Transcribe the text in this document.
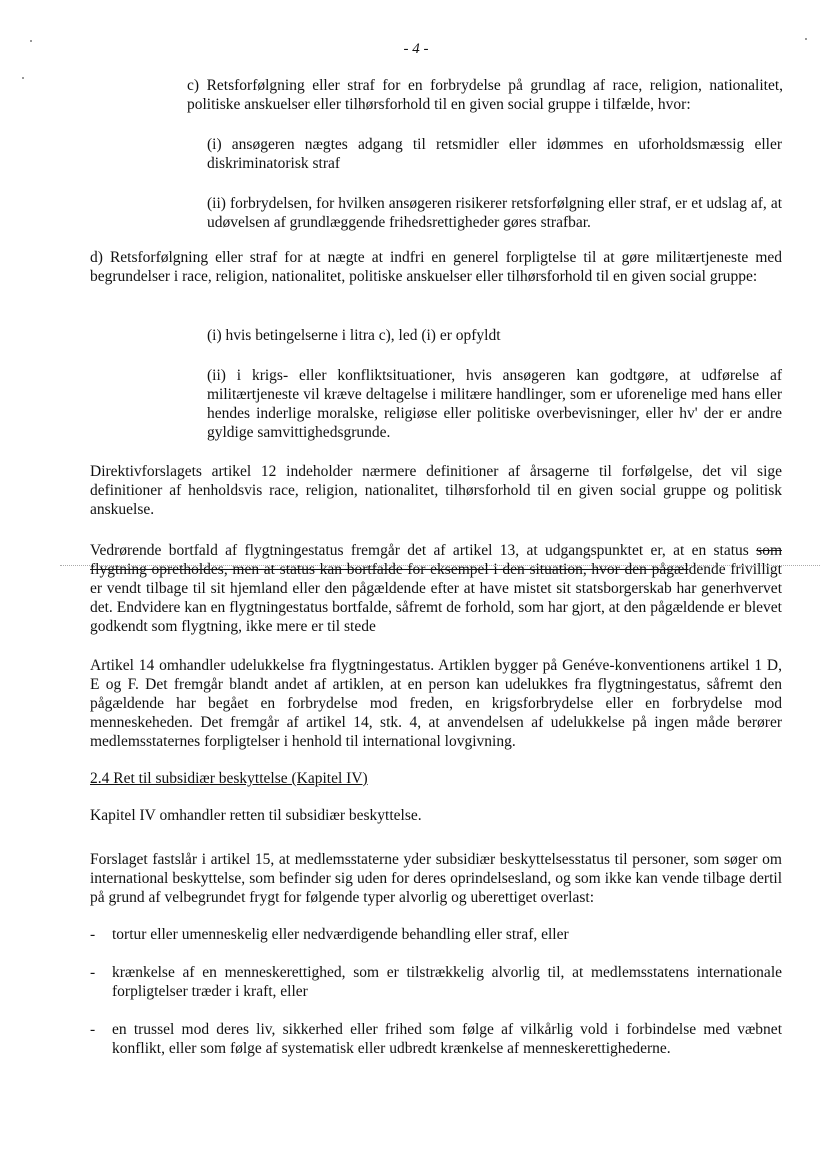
- 4 -
c) Retsforfølgning eller straf for en forbrydelse på grundlag af race, religion, nationalitet, politiske anskuelser eller tilhørsforhold til en given social gruppe i tilfælde, hvor:
(i) ansøgeren nægtes adgang til retsmidler eller idømmes en uforholdsmæssig eller diskriminatorisk straf
(ii) forbrydelsen, for hvilken ansøgeren risikerer retsforfølgning eller straf, er et udslag af, at udøvelsen af grundlæggende frihedsrettigheder gøres strafbar.
d) Retsforfølgning eller straf for at nægte at indfri en generel forpligtelse til at gøre militærtjeneste med begrundelser i race, religion, nationalitet, politiske anskuelser eller tilhørsforhold til en given social gruppe:
(i) hvis betingelserne i litra c), led (i) er opfyldt
(ii) i krigs- eller konfliktsituationer, hvis ansøgeren kan godtgøre, at udførelse af militærtjeneste vil kræve deltagelse i militære handlinger, som er uforenelige med hans eller hendes inderlige moralske, religiøse eller politiske overbevisninger, eller hv' der er andre gyldige samvittighedsgrunde.
Direktivforslagets artikel 12 indeholder nærmere definitioner af årsagerne til forfølgelse, det vil sige definitioner af henholdsvis race, religion, nationalitet, tilhørsforhold til en given social gruppe og politisk anskuelse.
Vedrørende bortfald af flygtningestatus fremgår det af artikel 13, at udgangspunktet er, at en status som flygtning opretholdes, men at status kan bortfalde for eksempel i den situation, hvor den pågældende frivilligt er vendt tilbage til sit hjemland eller den pågældende efter at have mistet sit statsborgerskab har generhvervet det. Endvidere kan en flygtningestatus bortfalde, såfremt de forhold, som har gjort, at den pågældende er blevet godkendt som flygtning, ikke mere er til stede
Artikel 14 omhandler udelukkelse fra flygtningestatus. Artiklen bygger på Genéve-konventionens artikel 1 D, E og F. Det fremgår blandt andet af artiklen, at en person kan udelukkes fra flygtningestatus, såfremt den pågældende har begået en forbrydelse mod freden, en krigsforbrydelse eller en forbrydelse mod menneskeheden. Det fremgår af artikel 14, stk. 4, at anvendelsen af udelukkelse på ingen måde berører medlemsstaternes forpligtelser i henhold til international lovgivning.
2.4 Ret til subsidiær beskyttelse (Kapitel IV)
Kapitel IV omhandler retten til subsidiær beskyttelse.
Forslaget fastslår i artikel 15, at medlemsstaterne yder subsidiær beskyttelsesstatus til personer, som søger om international beskyttelse, som befinder sig uden for deres oprindelsesland, og som ikke kan vende tilbage dertil på grund af velbegrundet frygt for følgende typer alvorlig og uberettiget overlast:
- tortur eller umenneskelig eller nedværdigende behandling eller straf, eller
- krænkelse af en menneskerettighed, som er tilstrækkelig alvorlig til, at medlemsstatens internationale forpligtelser træder i kraft, eller
- en trussel mod deres liv, sikkerhed eller frihed som følge af vilkårlig vold i forbindelse med væbnet konflikt, eller som følge af systematisk eller udbredt krænkelse af menneskerettighederne.
